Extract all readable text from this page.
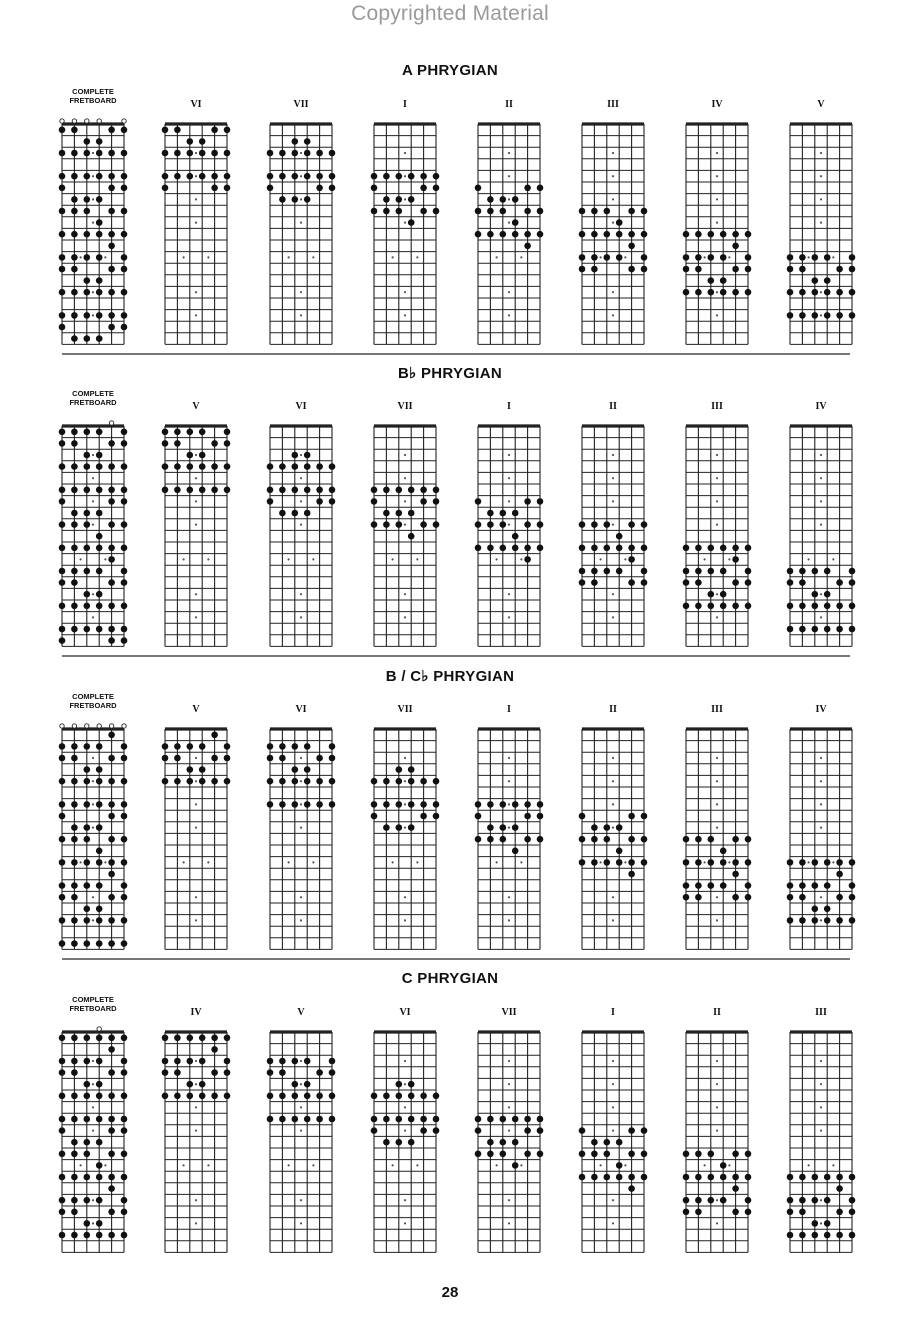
Copyrighted Material
A PHRYGIAN
COMPLETE
FRETBOARD	VI	VII	I	II	III	IV	V
B♭ PHRYGIAN
COMPLETE
FRETBOARD	V	VI	VII	I	II	III	IV
B / C♭ PHRYGIAN
COMPLETE
FRETBOARD	V	VI	VII	I	II	III	IV
C PHRYGIAN
COMPLETE
FRETBOARD	IV	V	VI	VII	I	II	III
28
